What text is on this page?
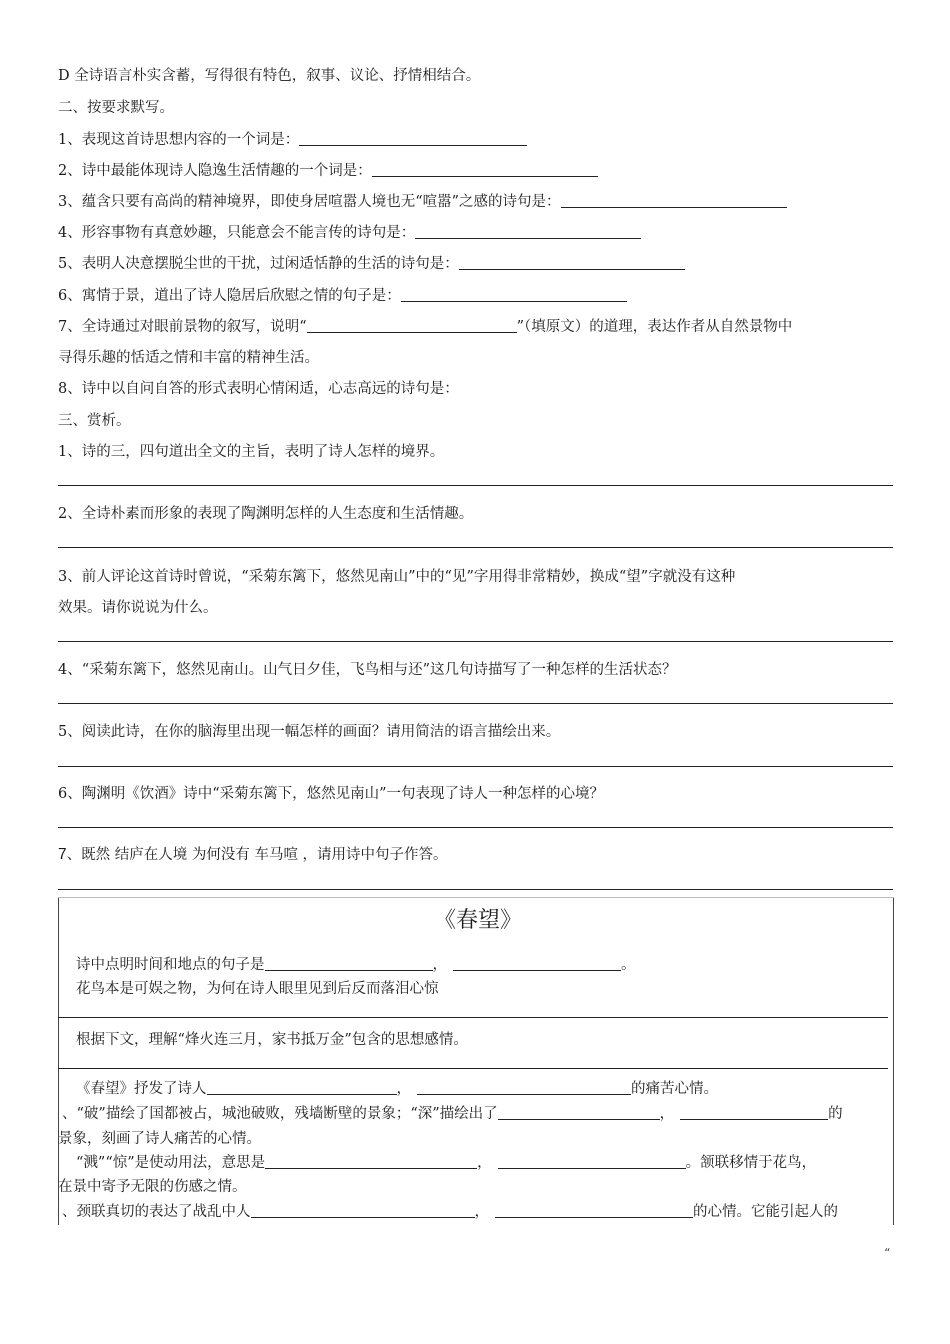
D 全诗语言朴实含蓄，写得很有特色，叙事、议论、抒情相结合。
二、按要求默写。
1、表现这首诗思想内容的一个词是：
2、诗中最能体现诗人隐逸生活情趣的一个词是：
3、蕴含只要有高尚的精神境界，即使身居喧嚣人境也无“喧嚣”之感的诗句是：
4、形容事物有真意妙趣，只能意会不能言传的诗句是：
5、表明人决意摆脱尘世的干扰，过闲适恬静的生活的诗句是：
6、寓情于景，道出了诗人隐居后欣慰之情的句子是：
7、全诗通过对眼前景物的叙写，说明“	”（填原文）的道理，表达作者从自然景物中
寻得乐趣的恬适之情和丰富的精神生活。
8、诗中以自问自答的形式表明心情闲适，心志高远的诗句是：
三、赏析。
1、诗的三，四句道出全文的主旨，表明了诗人怎样的境界。
2、全诗朴素而形象的表现了陶渊明怎样的人生态度和生活情趣。
3、前人评论这首诗时曾说，“采菊东篱下，悠然见南山”中的“见”字用得非常精妙，换成“望”字就没有这种
效果。请你说说为什么。
4、“采菊东篱下，悠然见南山。山气日夕佳，飞鸟相与还”这几句诗描写了一种怎样的生活状态？
5、阅读此诗，在你的脑海里出现一幅怎样的画面？请用简洁的语言描绘出来。
6、陶渊明《饮酒》诗中“采菊东篱下，悠然见南山”一句表现了诗人一种怎样的心境？
7、既然 结庐在人境 为何没有 车马喧 ，请用诗中句子作答。
《春望》
诗中点明时间和地点的句子是	，	。
花鸟本是可娱之物，为何在诗人眼里见到后反而落泪心惊
根据下文，理解“烽火连三月，家书抵万金”包含的思想感情。
《春望》抒发了诗人	，	的痛苦心情。
、“破”描绘了国都被占，城池破败，残墙断壁的景象；“深”描绘出了	，	的
景象，刻画了诗人痛苦的心情。
“溅”“惊”是使动用法，意思是	，	。颔联移情于花鸟，
在景中寄予无限的伤感之情。
、颈联真切的表达了战乱中人	，	的心情。它能引起人的
“
